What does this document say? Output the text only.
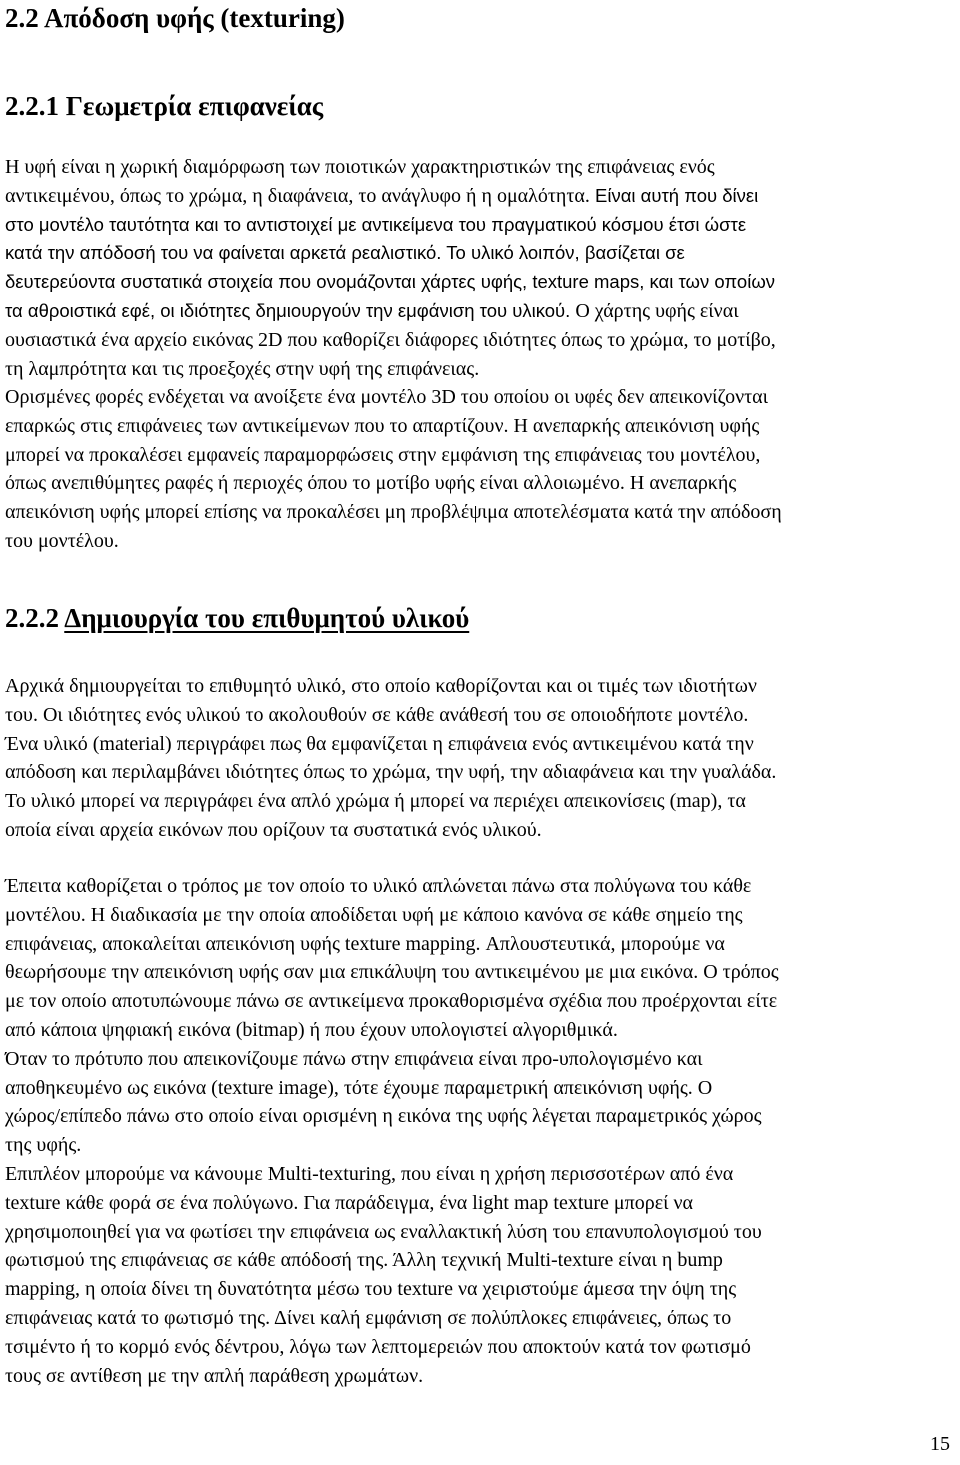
2.2 Απόδοση υφής (texturing)
2.2.1 Γεωμετρία επιφανείας
Η υφή είναι η χωρική διαμόρφωση των ποιοτικών χαρακτηριστικών της επιφάνειας ενός
αντικειμένου, όπως το χρώμα, η διαφάνεια, το ανάγλυφο ή η ομαλότητα. Είναι αυτή που δίνει
στο μοντέλο ταυτότητα και το αντιστοιχεί με αντικείμενα του πραγματικού κόσμου έτσι ώστε
κατά την απόδοσή του να φαίνεται αρκετά ρεαλιστικό. Το υλικό λοιπόν, βασίζεται σε
δευτερεύοντα συστατικά στοιχεία που ονομάζονται χάρτες υφής, texture maps, και των οποίων
τα αθροιστικά εφέ, οι ιδιότητες δημιουργούν την εμφάνιση του υλικού. Ο χάρτης υφής είναι
ουσιαστικά ένα αρχείο εικόνας 2D που καθορίζει διάφορες ιδιότητες όπως το χρώμα, το μοτίβο,
τη λαμπρότητα και τις προεξοχές στην υφή της επιφάνειας.
Ορισμένες φορές ενδέχεται να ανοίξετε ένα μοντέλο 3D του οποίου οι υφές δεν απεικονίζονται
επαρκώς στις επιφάνειες των αντικείμενων που το απαρτίζουν. Η ανεπαρκής απεικόνιση υφής
μπορεί να προκαλέσει εμφανείς παραμορφώσεις στην εμφάνιση της επιφάνειας του μοντέλου,
όπως ανεπιθύμητες ραφές ή περιοχές όπου το μοτίβο υφής είναι αλλοιωμένο. Η ανεπαρκής
απεικόνιση υφής μπορεί επίσης να προκαλέσει μη προβλέψιμα αποτελέσματα κατά την απόδοση
του μοντέλου.
2.2.2 Δημιουργία του επιθυμητού υλικού
Αρχικά δημιουργείται το επιθυμητό υλικό, στο οποίο καθορίζονται και οι τιμές των ιδιοτήτων
του. Οι ιδιότητες ενός υλικού το ακολουθούν σε κάθε ανάθεσή του σε οποιοδήποτε μοντέλο.
Ένα υλικό (material) περιγράφει πως θα εμφανίζεται η επιφάνεια ενός αντικειμένου κατά την
απόδοση και περιλαμβάνει ιδιότητες όπως το χρώμα, την υφή, την αδιαφάνεια και την γυαλάδα.
Το υλικό μπορεί να περιγράφει ένα απλό χρώμα ή μπορεί να περιέχει απεικονίσεις (map), τα
οποία είναι αρχεία εικόνων που ορίζουν τα συστατικά ενός υλικού.
Έπειτα καθορίζεται ο τρόπος με τον οποίο το υλικό απλώνεται πάνω στα πολύγωνα του κάθε
μοντέλου. Η διαδικασία με την οποία αποδίδεται υφή με κάποιο κανόνα σε κάθε σημείο της
επιφάνειας, αποκαλείται απεικόνιση υφής texture mapping. Απλουστευτικά, μπορούμε να
θεωρήσουμε την απεικόνιση υφής σαν μια επικάλυψη του αντικειμένου με μια εικόνα. Ο τρόπος
με τον οποίο αποτυπώνουμε πάνω σε αντικείμενα προκαθορισμένα σχέδια που προέρχονται είτε
από κάποια ψηφιακή εικόνα (bitmap) ή που έχουν υπολογιστεί αλγοριθμικά.
Όταν το πρότυπο που απεικονίζουμε πάνω στην επιφάνεια είναι προ-υπολογισμένο και
αποθηκευμένο ως εικόνα (texture image), τότε έχουμε παραμετρική απεικόνιση υφής. Ο
χώρος/επίπεδο πάνω στο οποίο είναι ορισμένη η εικόνα της υφής λέγεται παραμετρικός χώρος
της υφής.
Επιπλέον μπορούμε να κάνουμε Multi-texturing, που είναι η χρήση περισσοτέρων από ένα
texture κάθε φορά σε ένα πολύγωνο. Για παράδειγμα, ένα light map texture μπορεί να
χρησιμοποιηθεί για να φωτίσει την επιφάνεια ως εναλλακτική λύση του επανυπολογισμού του
φωτισμού της επιφάνειας σε κάθε απόδοσή της. Άλλη τεχνική Multi-texture είναι η bump
mapping, η οποία δίνει τη δυνατότητα μέσω του texture να χειριστούμε άμεσα την όψη της
επιφάνειας κατά το φωτισμό της. Δίνει καλή εμφάνιση σε πολύπλοκες επιφάνειες, όπως το
τσιμέντο ή το κορμό ενός δέντρου, λόγω των λεπτομερειών που αποκτούν κατά τον φωτισμό
τους σε αντίθεση με την απλή παράθεση χρωμάτων.
15
